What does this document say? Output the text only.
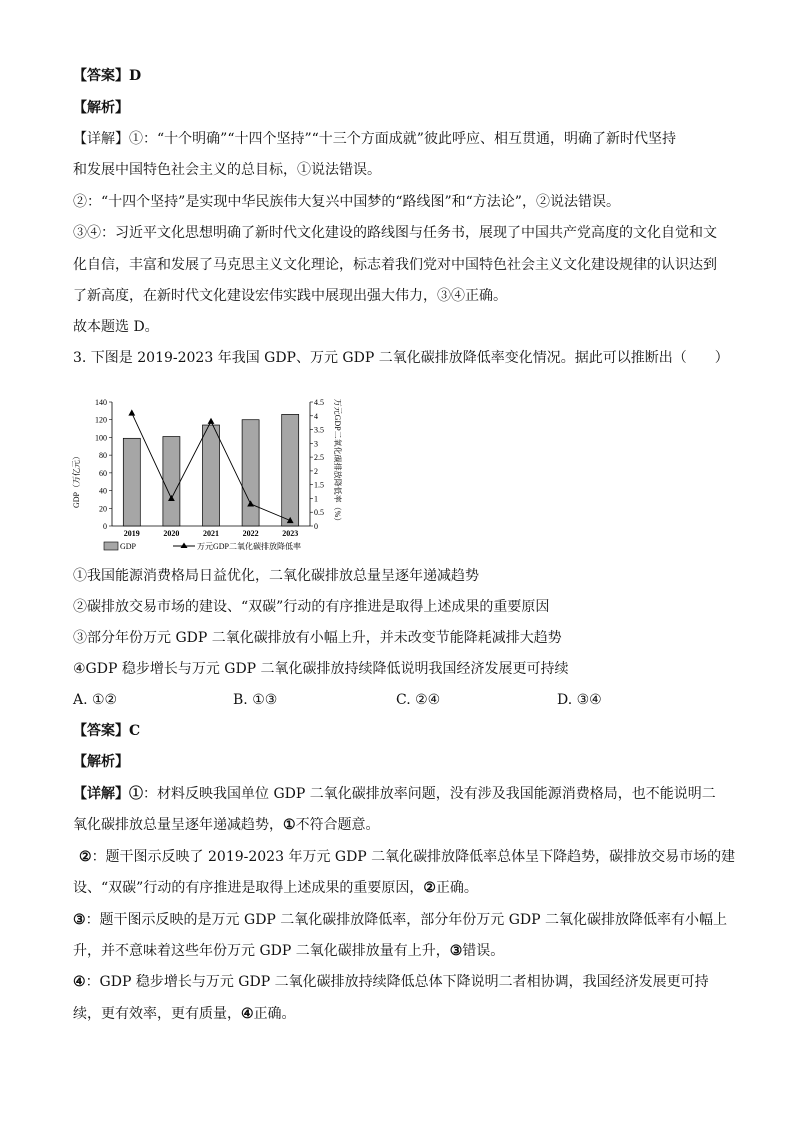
【答案】D
【解析】
【详解】①：“十个明确”“十四个坚持”“十三个方面成就”彼此呼应、相互贯通，明确了新时代坚持
和发展中国特色社会主义的总目标，①说法错误。
②：“十四个坚持”是实现中华民族伟大复兴中国梦的“路线图”和“方法论”，②说法错误。
③④：习近平文化思想明确了新时代文化建设的路线图与任务书，展现了中国共产党高度的文化自觉和文
化自信，丰富和发展了马克思主义文化理论，标志着我们党对中国特色社会主义文化建设规律的认识达到
了新高度，在新时代文化建设宏伟实践中展现出强大伟力，③④正确。
故本题选 D。
3. 下图是 2019-2023 年我国 GDP、万元 GDP 二氧化碳排放降低率变化情况。据此可以推断出（　　）
0
20
40
60
80
100
120
140
0
0.5
1
1.5
2
2.5
3
3.5
4
4.5
2019	2020	2021	2022	2023
GDP（万亿元）	万元GDP二氧化碳排放降低率（%）
GDP	万元GDP二氧化碳排放降低率
①我国能源消费格局日益优化，二氧化碳排放总量呈逐年递减趋势
②碳排放交易市场的建设、“双碳”行动的有序推进是取得上述成果的重要原因
③部分年份万元 GDP 二氧化碳排放有小幅上升，并未改变节能降耗减排大趋势
④GDP 稳步增长与万元 GDP 二氧化碳排放持续降低说明我国经济发展更可持续
A. ①②	B. ①③	C. ②④	D. ③④
【答案】C
【解析】
【详解】①：材料反映我国单位 GDP 二氧化碳排放率问题，没有涉及我国能源消费格局，也不能说明二
氧化碳排放总量呈逐年递减趋势，①不符合题意。
②：题干图示反映了 2019-2023 年万元 GDP 二氧化碳排放降低率总体呈下降趋势，碳排放交易市场的建
设、“双碳”行动的有序推进是取得上述成果的重要原因，②正确。
③：题干图示反映的是万元 GDP 二氧化碳排放降低率，部分年份万元 GDP 二氧化碳排放降低率有小幅上
升，并不意味着这些年份万元 GDP 二氧化碳排放量有上升，③错误。
④：GDP 稳步增长与万元 GDP 二氧化碳排放持续降低总体下降说明二者相协调，我国经济发展更可持
续，更有效率，更有质量，④正确。
